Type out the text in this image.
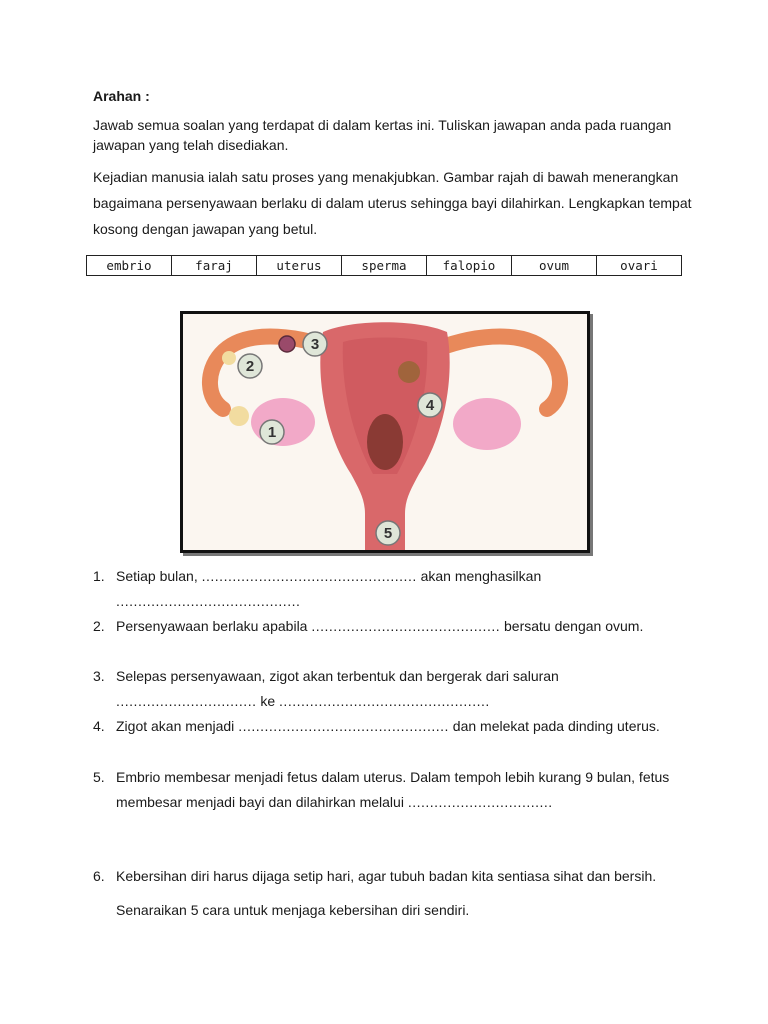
Arahan :
Jawab semua soalan yang terdapat di dalam kertas ini. Tuliskan jawapan anda pada ruangan jawapan yang telah disediakan.
Kejadian manusia ialah satu proses yang menakjubkan. Gambar rajah di bawah menerangkan bagaimana persenyawaan berlaku di dalam uterus sehingga bayi dilahirkan. Lengkapkan tempat kosong dengan jawapan yang betul.
embrio	faraj	uterus	sperma	falopio	ovum	ovari
1
2
3
4
5
1. Setiap bulan, ................................................. akan menghasilkan ..........................................
2. Persenyawaan berlaku apabila ........................................... bersatu dengan ovum.
3. Selepas persenyawaan, zigot akan terbentuk dan bergerak dari saluran ................................ ke ................................................
4. Zigot akan menjadi ................................................ dan melekat pada dinding uterus.
5. Embrio membesar menjadi fetus dalam uterus. Dalam tempoh lebih kurang 9 bulan, fetus membesar menjadi bayi dan dilahirkan melalui .................................
6. Kebersihan diri harus dijaga setip hari, agar tubuh badan kita sentiasa sihat dan bersih. Senaraikan 5 cara untuk menjaga kebersihan diri sendiri.
